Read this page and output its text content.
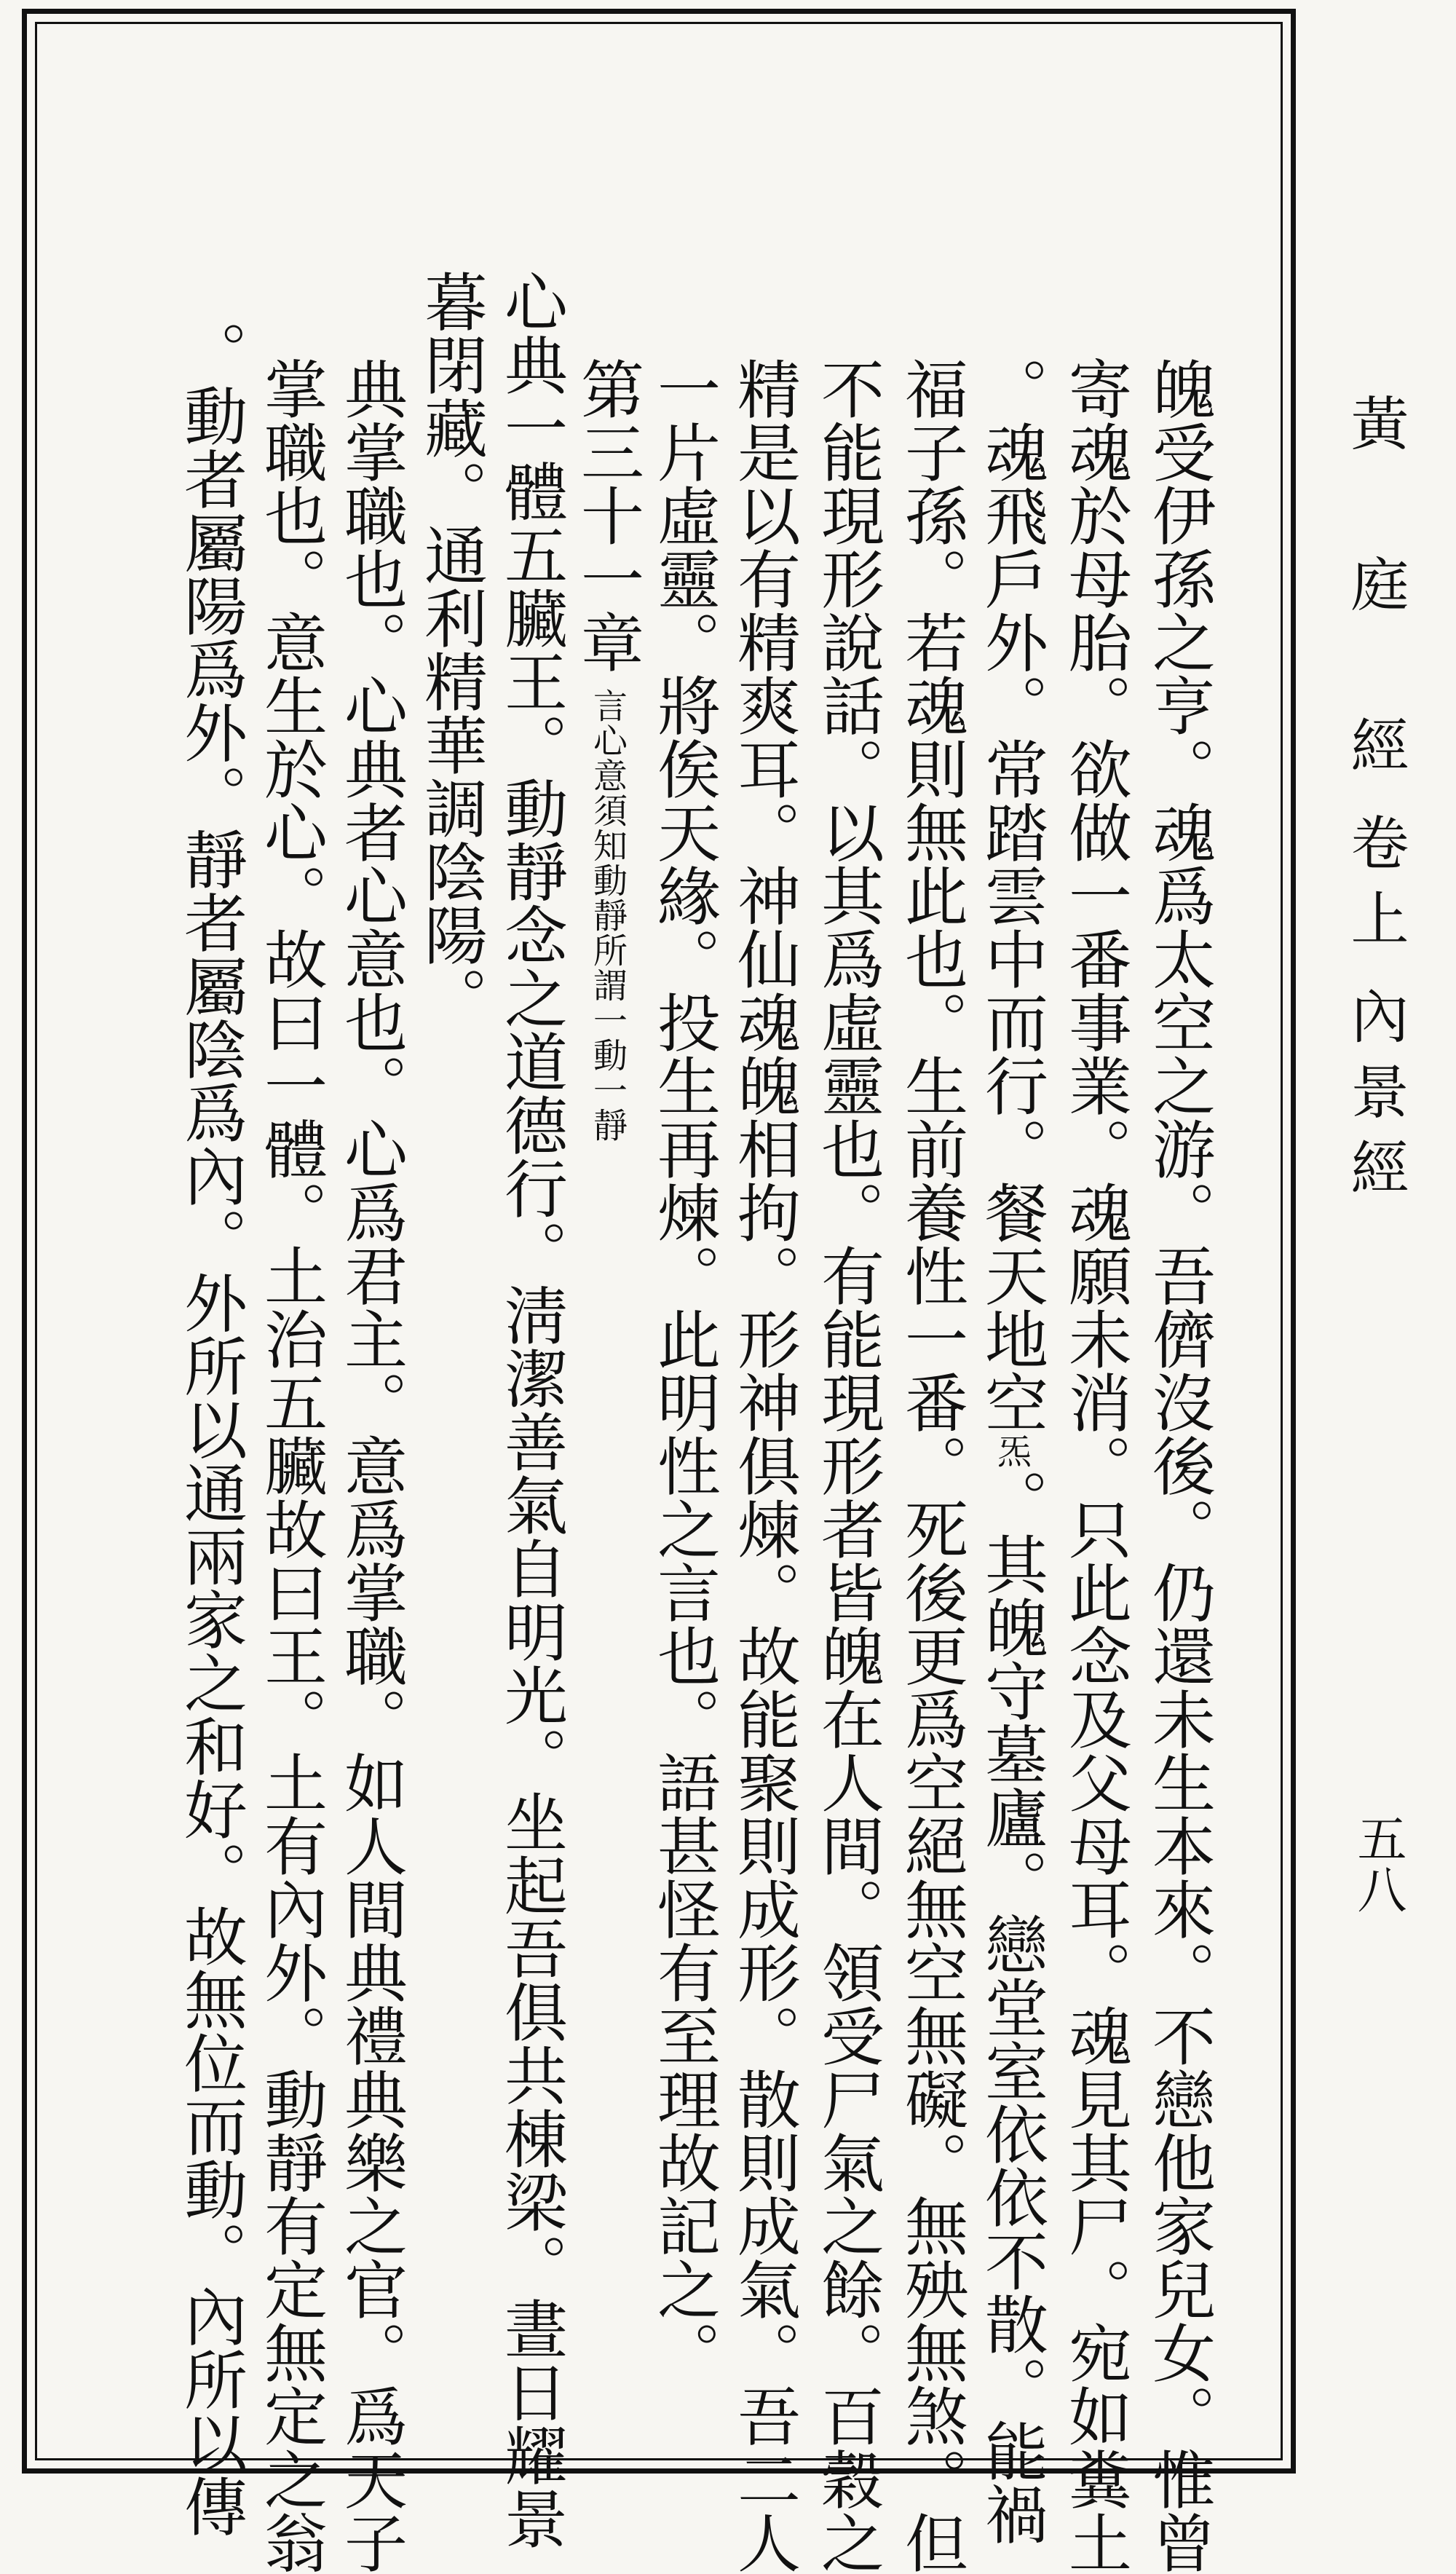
黃 庭 經卷上內景經
五八
魄受伊孫之亨。魂爲太空之游。吾儕沒後。仍還未生本來。不戀他家兒女。惟曾
寄魂於母胎。欲做一番事業。魂願未消。只此念及父母耳。魂見其尸。宛如糞土
。魂飛戶外。常踏雲中而行。餐天地空炁。其魄守墓廬。戀堂室依依不散。能禍
福子孫。若魂則無此也。生前養性一番。死後更爲空絕無空無礙。無殃無煞。但
不能現形說話。以其爲虛靈也。有能現形者皆魄在人間。領受尸氣之餘。百穀之
精是以有精爽耳。神仙魂魄相拘。形神俱煉。故能聚則成形。散則成氣。吾二人
一片虛靈。將俟天緣。投生再煉。此明性之言也。語甚怪有至理故記之。
第三十一章言心意須知動靜所謂一動一靜
心典一體五臟王。動靜念之道德行。淸潔善氣自明光。坐起吾俱共棟梁。晝日耀景
暮閉藏。通利精華調陰陽。
典掌職也。心典者心意也。心爲君主。意爲掌職。如人間典禮典樂之官。爲天子
掌職也。意生於心。故曰一體。土治五臟故曰王。土有內外。動靜有定無定之翁
。動者屬陽爲外。靜者屬陰爲內。外所以通兩家之和好。故無位而動。內所以傳
